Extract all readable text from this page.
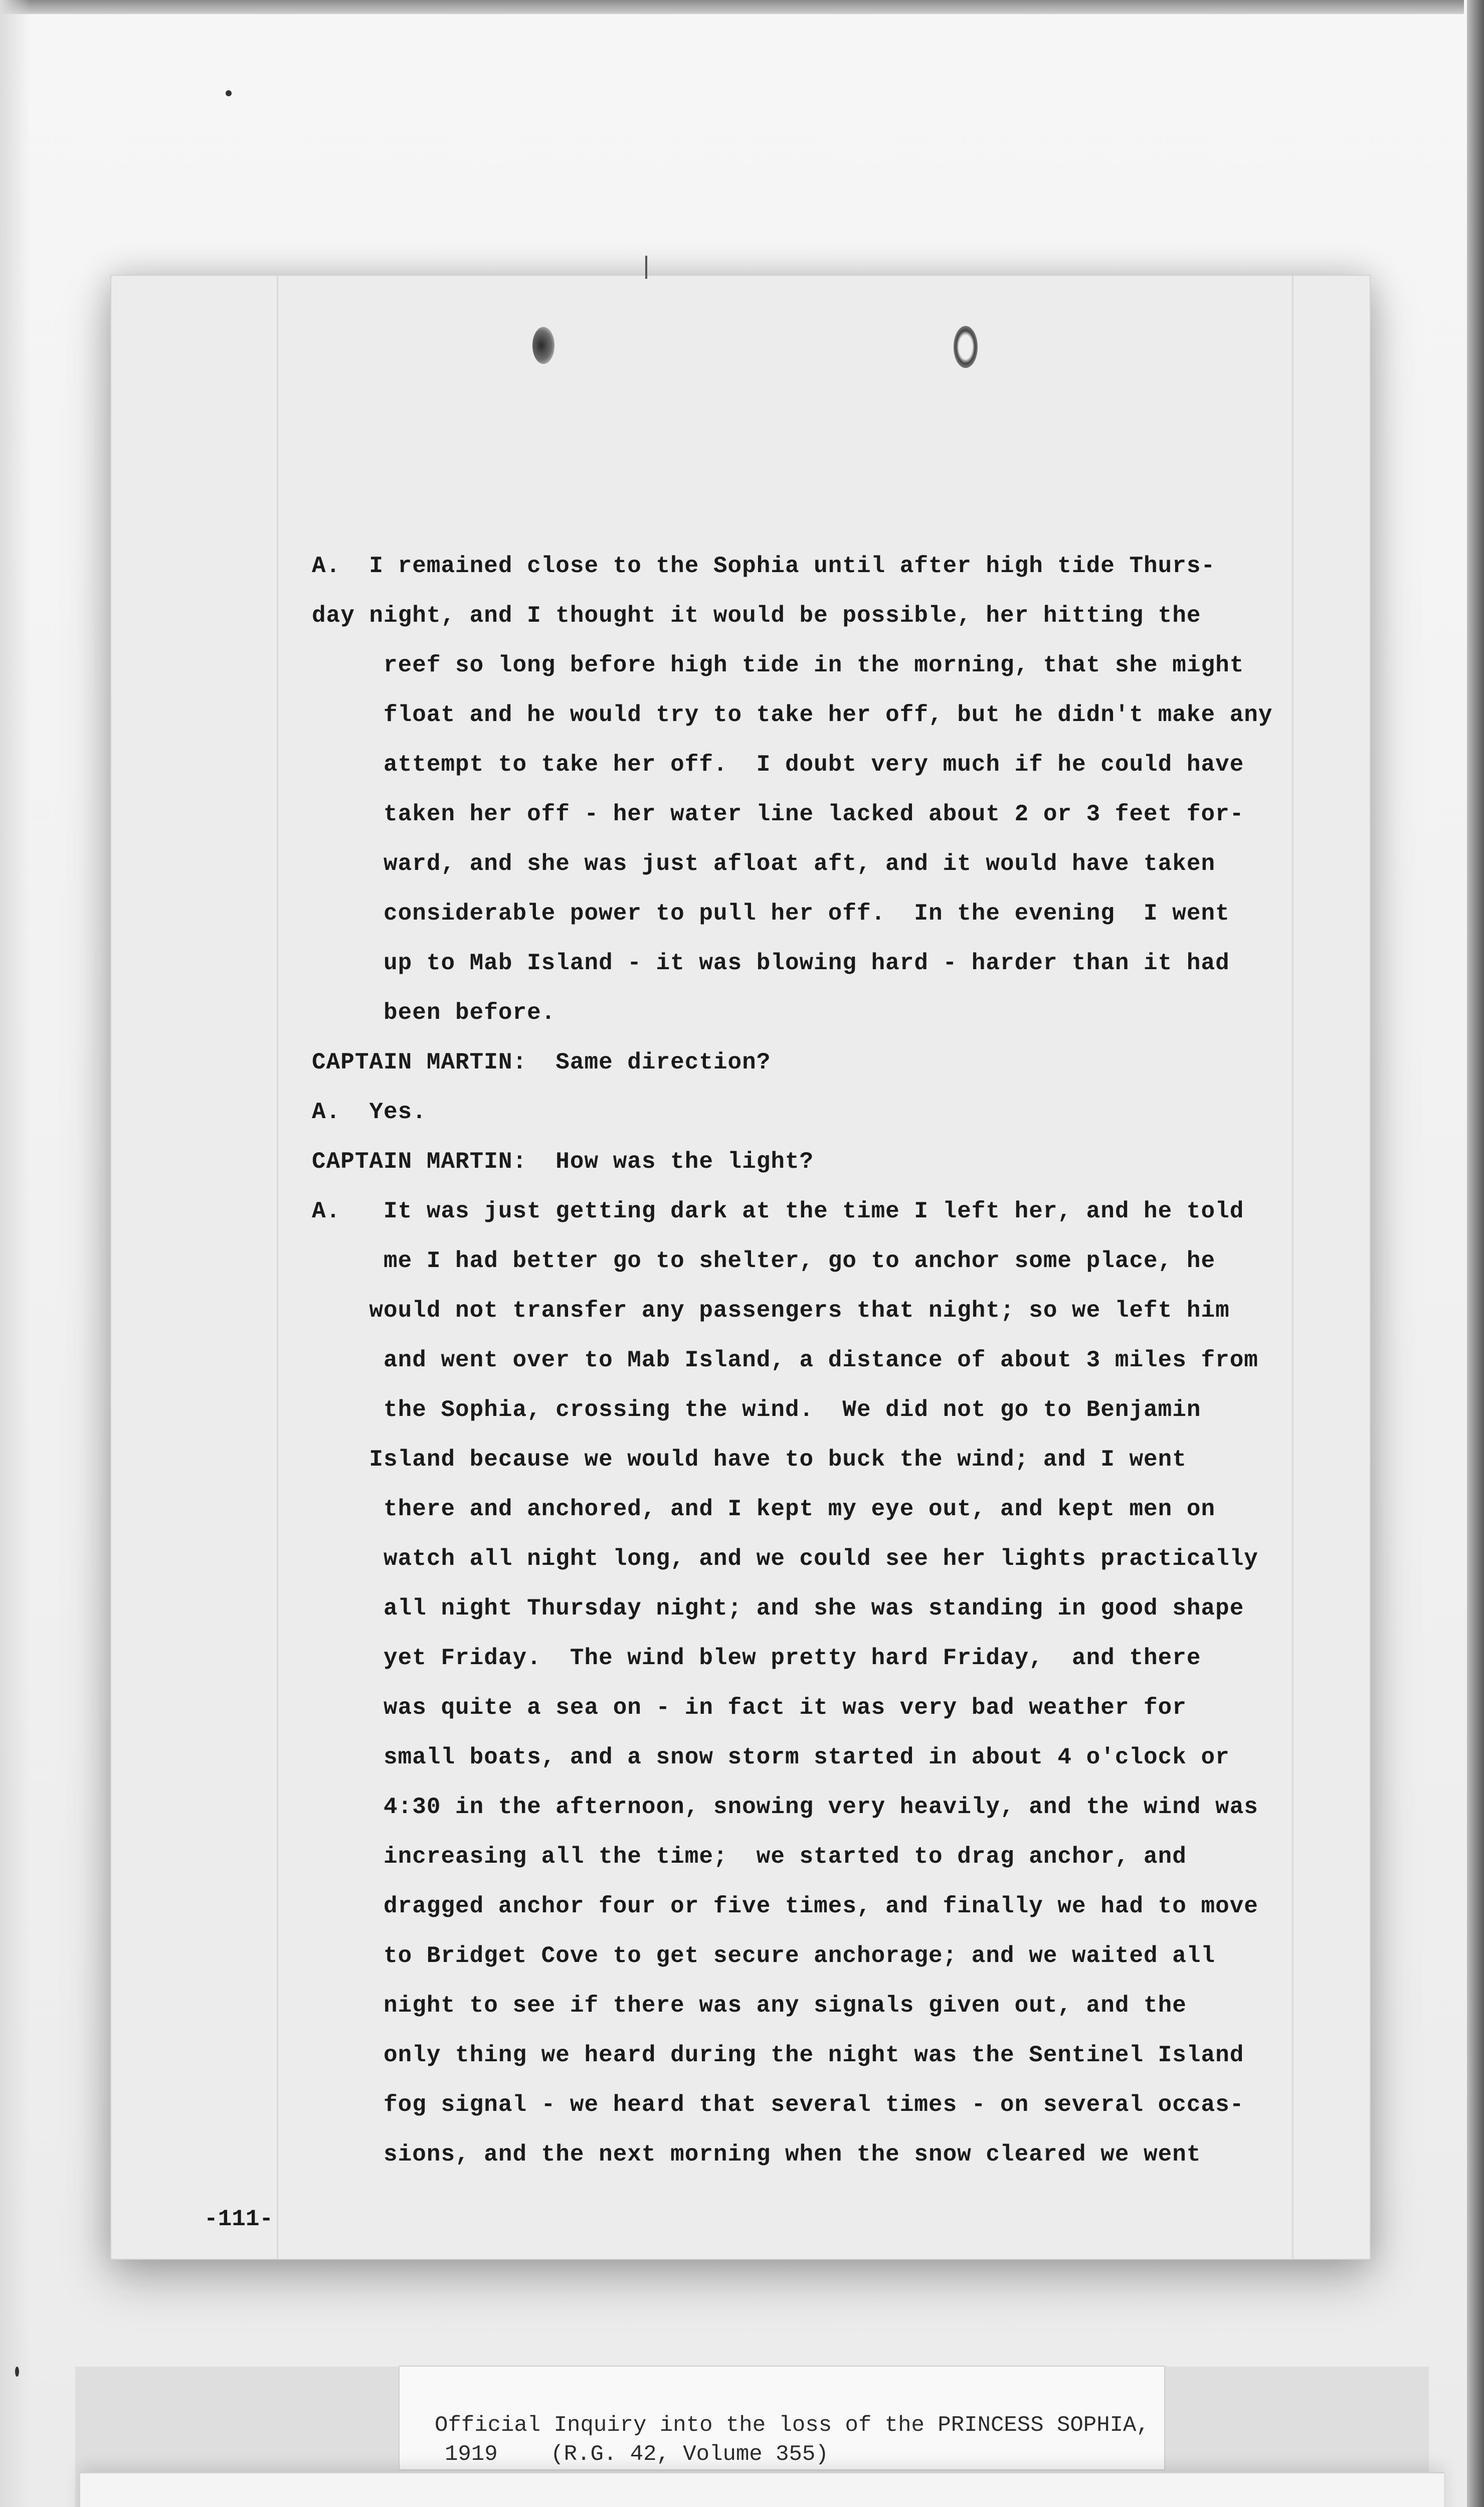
A.  I remained close to the Sophia until after high tide Thurs-
day night, and I thought it would be possible, her hitting the
reef so long before high tide in the morning, that she might
float and he would try to take her off, but he didn't make any
attempt to take her off.  I doubt very much if he could have
taken her off - her water line lacked about 2 or 3 feet for-
ward, and she was just afloat aft, and it would have taken
considerable power to pull her off.  In the evening  I went
up to Mab Island - it was blowing hard - harder than it had
been before.
CAPTAIN MARTIN:  Same direction?
A.  Yes.
CAPTAIN MARTIN:  How was the light?
A.   It was just getting dark at the time I left her, and he told
me I had better go to shelter, go to anchor some place, he
would not transfer any passengers that night; so we left him
and went over to Mab Island, a distance of about 3 miles from
the Sophia, crossing the wind.  We did not go to Benjamin
Island because we would have to buck the wind; and I went
there and anchored, and I kept my eye out, and kept men on
watch all night long, and we could see her lights practically
all night Thursday night; and she was standing in good shape
yet Friday.  The wind blew pretty hard Friday,  and there
was quite a sea on - in fact it was very bad weather for
small boats, and a snow storm started in about 4 o'clock or
4:30 in the afternoon, snowing very heavily, and the wind was
increasing all the time;  we started to drag anchor, and
dragged anchor four or five times, and finally we had to move
to Bridget Cove to get secure anchorage; and we waited all
night to see if there was any signals given out, and the
only thing we heard during the night was the Sentinel Island
fog signal - we heard that several times - on several occas-
sions, and the next morning when the snow cleared we went
-111-
Official Inquiry into the loss of the PRINCESS SOPHIA,
1919    (R.G. 42, Volume 355)
